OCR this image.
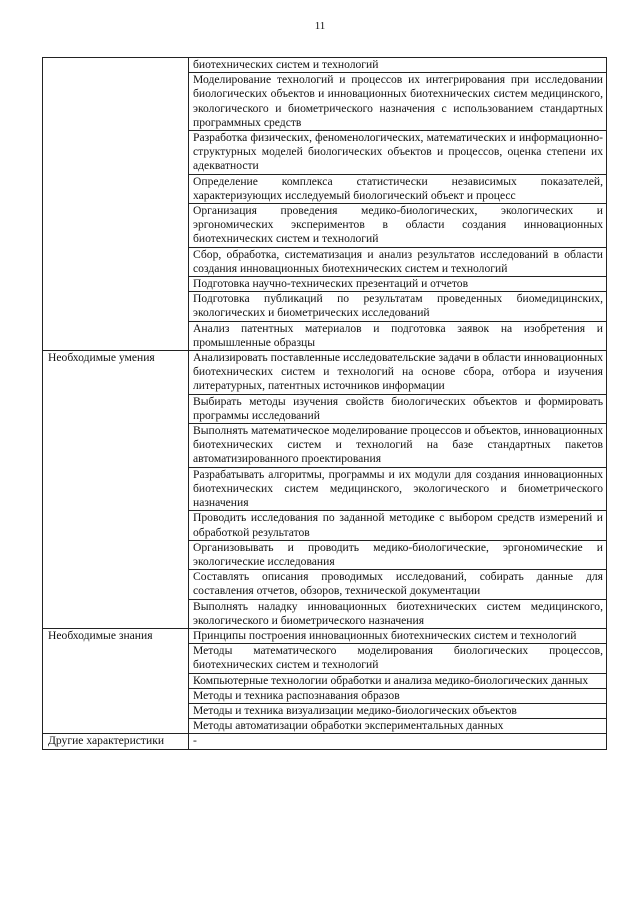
11
	биотехнических систем и технологий
	Моделирование технологий и процессов их интегрирования при исследовании биологических объектов и инновационных биотехнических систем медицинского, экологического и биометрического назначения с использованием стандартных программных средств
	Разработка физических, феноменологических, математических и информационно-структурных моделей биологических объектов и процессов, оценка степени их адекватности
	Определение комплекса статистически независимых показателей, характеризующих исследуемый биологический объект и процесс
	Организация проведения медико-биологических, экологических и эргономических экспериментов в области создания инновационных биотехнических систем и технологий
	Сбор, обработка, систематизация и анализ результатов исследований в области создания инновационных биотехнических систем и технологий
	Подготовка научно-технических презентаций и отчетов
	Подготовка публикаций по результатам проведенных биомедицинских, экологических и биометрических исследований
	Анализ патентных материалов и подготовка заявок на изобретения и промышленные образцы
Необходимые умения	Анализировать поставленные исследовательские задачи в области инновационных биотехнических систем и технологий на основе сбора, отбора и изучения литературных, патентных источников информации
	Выбирать методы изучения свойств биологических объектов и формировать программы исследований
	Выполнять математическое моделирование процессов и объектов, инновационных биотехнических систем и технологий на базе стандартных пакетов автоматизированного проектирования
	Разрабатывать алгоритмы, программы и их модули для создания инновационных биотехнических систем медицинского, экологического и биометрического назначения
	Проводить исследования по заданной методике с выбором средств измерений и обработкой результатов
	Организовывать и проводить медико-биологические, эргономические и экологические исследования
	Составлять описания проводимых исследований, собирать данные для составления отчетов, обзоров, технической документации
	Выполнять наладку инновационных биотехнических систем медицинского, экологического и биометрического назначения
Необходимые знания	Принципы построения инновационных биотехнических систем и технологий
	Методы математического моделирования биологических процессов, биотехнических систем и технологий
	Компьютерные технологии обработки и анализа медико-биологических данных
	Методы и техника распознавания образов
	Методы и техника визуализации медико-биологических объектов
	Методы автоматизации обработки экспериментальных данных
Другие характеристики	-
